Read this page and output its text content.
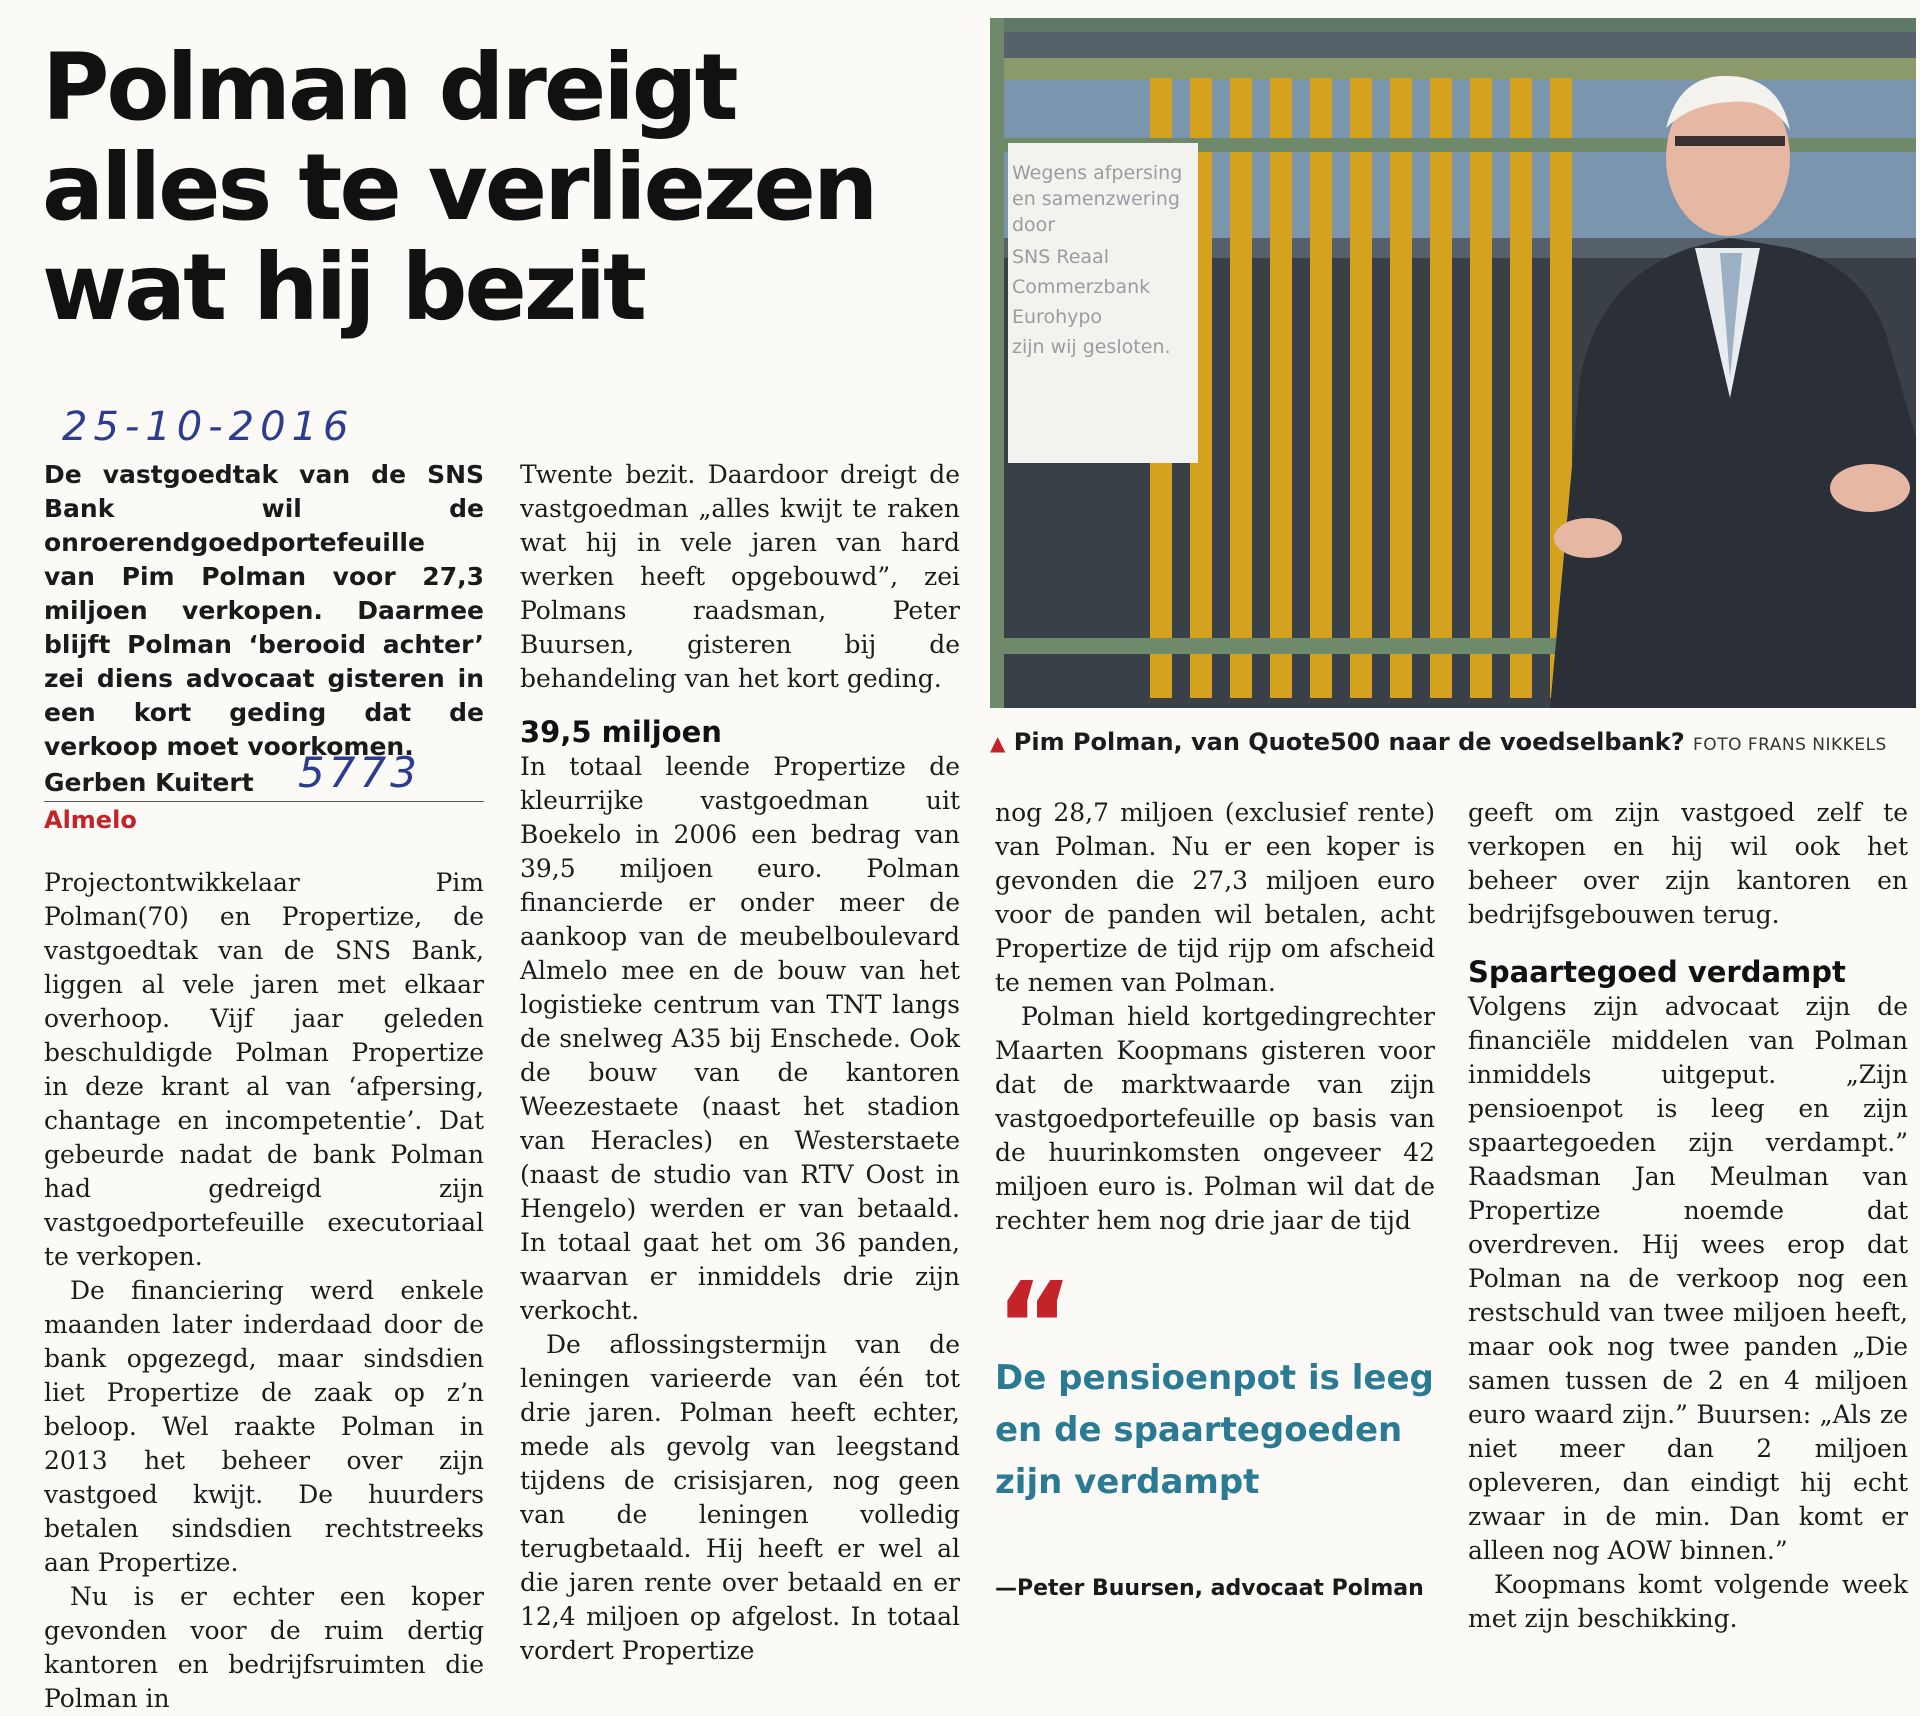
Polman dreigt alles te verliezen wat hij bezit
25-10-2016

De vastgoedtak van de SNS Bank wil de onroerendgoedportefeuille van Pim Polman voor 27,3 miljoen verkopen. Daarmee blijft Polman ‘berooid achter’ zei diens advocaat gisteren in een kort geding dat de verkoop moet voorkomen.

Gerben Kuitert 5773
Almelo

Projectontwikkelaar Pim Polman(70) en Propertize, de vastgoedtak van de SNS Bank, liggen al vele jaren met elkaar overhoop. Vijf jaar geleden beschuldigde Polman Propertize in deze krant al van ‘afpersing, chantage en incompetentie’. Dat gebeurde nadat de bank Polman had gedreigd zijn vastgoedportefeuille executoriaal te verkopen.

De financiering werd enkele maanden later inderdaad door de bank opgezegd, maar sindsdien liet Propertize de zaak op z’n beloop. Wel raakte Polman in 2013 het beheer over zijn vastgoed kwijt. De huurders betalen sindsdien rechtstreeks aan Propertize.

Nu is er echter een koper gevonden voor de ruim dertig kantoren en bedrijfsruimten die Polman in

Twente bezit. Daardoor dreigt de vastgoedman „alles kwijt te raken wat hij in vele jaren van hard werken heeft opgebouwd”, zei Polmans raadsman, Peter Buursen, gisteren bij de behandeling van het kort geding.

39,5 miljoen

In totaal leende Propertize de kleurrijke vastgoedman uit Boekelo in 2006 een bedrag van 39,5 miljoen euro. Polman financierde er onder meer de aankoop van de meubelboulevard Almelo mee en de bouw van het logistieke centrum van TNT langs de snelweg A35 bij Enschede. Ook de bouw van de kantoren Weezestaete (naast het stadion van Heracles) en Westerstaete (naast de studio van RTV Oost in Hengelo) werden er van betaald. In totaal gaat het om 36 panden, waarvan er inmiddels drie zijn verkocht.

De aflossingstermijn van de leningen varieerde van één tot drie jaren. Polman heeft echter, mede als gevolg van leegstand tijdens de crisisjaren, nog geen van de leningen volledig terugbetaald. Hij heeft er wel al die jaren rente over betaald en er 12,4 miljoen op afgelost. In totaal vordert Propertize

Wegens afpersing
en samenzwering
door
SNS Reaal
Commerzbank
Eurohypo
zijn wij gesloten.
▲ Pim Polman, van Quote500 naar de voedselbank? FOTO FRANS NIKKELS

nog 28,7 miljoen (exclusief rente) van Polman. Nu er een koper is gevonden die 27,3 miljoen euro voor de panden wil betalen, acht Propertize de tijd rijp om afscheid te nemen van Polman.

Polman hield kortgedingrechter Maarten Koopmans gisteren voor dat de marktwaarde van zijn vastgoedportefeuille op basis van de huurinkomsten ongeveer 42 miljoen euro is. Polman wil dat de rechter hem nog drie jaar de tijd

“

De pensioenpot is leeg en de spaartegoeden zijn verdampt

—Peter Buursen, advocaat Polman

geeft om zijn vastgoed zelf te verkopen en hij wil ook het beheer over zijn kantoren en bedrijfsgebouwen terug.

Spaartegoed verdampt

Volgens zijn advocaat zijn de financiële middelen van Polman inmiddels uitgeput. „Zijn pensioenpot is leeg en zijn spaartegoeden zijn verdampt.” Raadsman Jan Meulman van Propertize noemde dat overdreven. Hij wees erop dat Polman na de verkoop nog een restschuld van twee miljoen heeft, maar ook nog twee panden „Die samen tussen de 2 en 4 miljoen euro waard zijn.” Buursen: „Als ze niet meer dan 2 miljoen opleveren, dan eindigt hij echt zwaar in de min. Dan komt er alleen nog AOW binnen.”

Koopmans komt volgende week met zijn beschikking.
